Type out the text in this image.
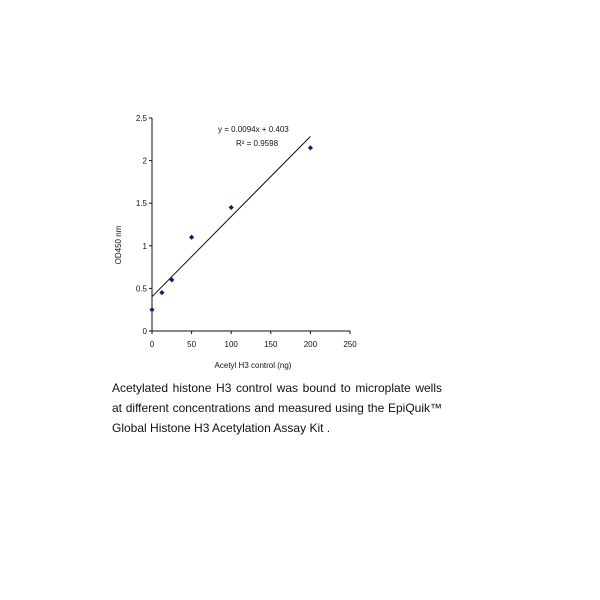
0
0.5
1
1.5
2
2.5
0	50	100	150	200	250
y = 0.0094x + 0.403
R² = 0.9598
Acetyl H3 control (ng)
OD450 nm

Acetylated histone H3 control was bound to microplate wells at different concentrations and measured using the EpiQuik™ Global Histone H3 Acetylation Assay Kit .
